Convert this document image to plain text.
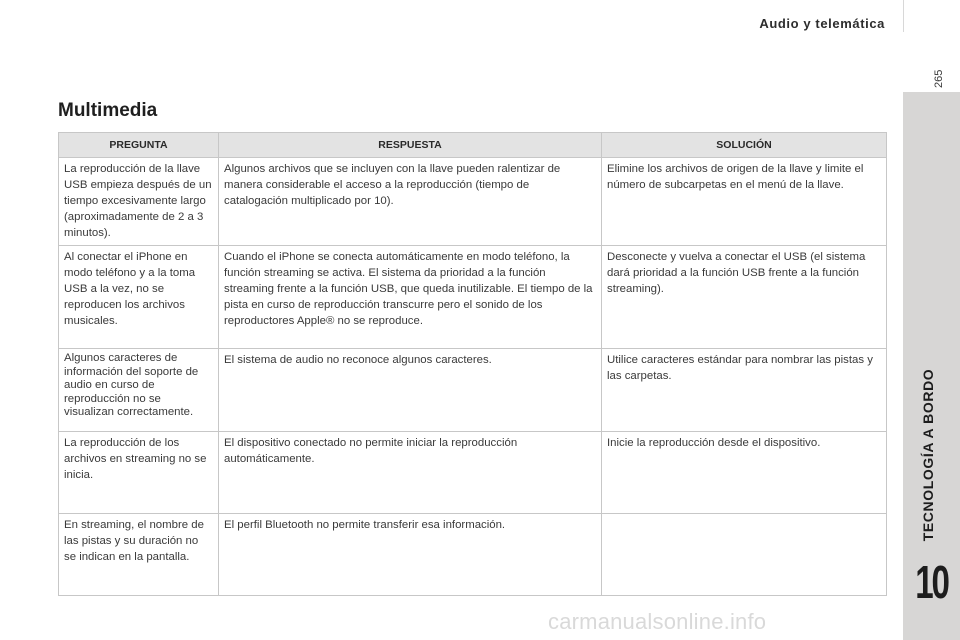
Audio y telemática
265
TECNOLOGÍA A BORDO
10
Multimedia
PREGUNTA	RESPUESTA	SOLUCIÓN
La reproducción de la llave USB empieza después de un tiempo excesivamente largo (aproximadamente de 2 a 3 minutos).	Algunos archivos que se incluyen con la llave pueden ralentizar de manera considerable el acceso a la reproducción (tiempo de catalogación multiplicado por 10).	Elimine los archivos de origen de la llave y limite el número de subcarpetas en el menú de la llave.
Al conectar el iPhone en modo teléfono y a la toma USB a la vez, no se reproducen los archivos musicales.	Cuando el iPhone se conecta automáticamente en modo teléfono, la función streaming se activa. El sistema da prioridad a la función streaming frente a la función USB, que queda inutilizable. El tiempo de la pista en curso de reproducción transcurre pero el sonido de los reproductores Apple® no se reproduce.	Desconecte y vuelva a conectar el USB (el sistema dará prioridad a la función USB frente a la función streaming).
Algunos caracteres de información del soporte de audio en curso de reproducción no se visualizan correctamente.	El sistema de audio no reconoce algunos caracteres.	Utilice caracteres estándar para nombrar las pistas y las carpetas.
La reproducción de los archivos en streaming no se inicia.	El dispositivo conectado no permite iniciar la reproducción automáticamente.	Inicie la reproducción desde el dispositivo.
En streaming, el nombre de las pistas y su duración no se indican en la pantalla.	El perfil Bluetooth no permite transferir esa información.	
carmanualsonline.info
